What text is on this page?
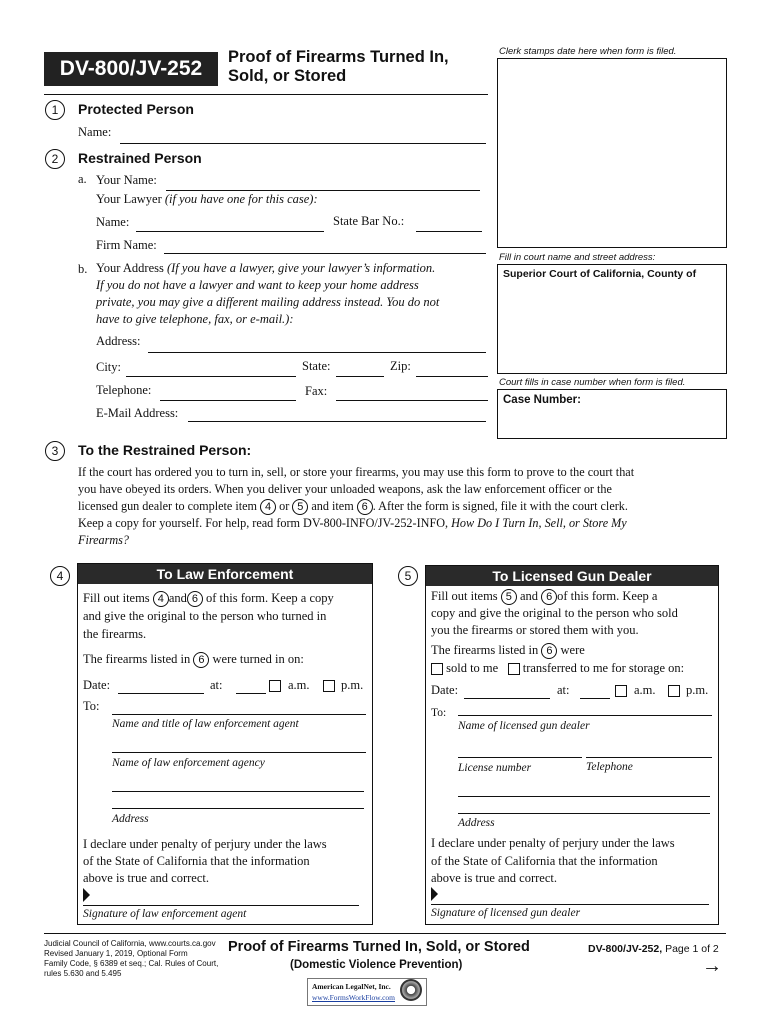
DV-800/JV-252	Proof of Firearms Turned In,
Sold, or Stored
Clerk stamps date here when form is filed.
Fill in court name and street address:
Superior Court of California, County of
Court fills in case number when form is filed.
Case Number:
1	Protected Person
Name:
2	Restrained Person
a. Your Name:
Your Lawyer (if you have one for this case):
Name:	State Bar No.:
Firm Name:
b. Your Address (If you have a lawyer, give your lawyer’s information.
If you do not have a lawyer and want to keep your home address
private, you may give a different mailing address instead. You do not
have to give telephone, fax, or e-mail.):
Address:
City:	State:	Zip:
Telephone:	Fax:
E-Mail Address:
3	To the Restrained Person:
If the court has ordered you to turn in, sell, or store your firearms, you may use this form to prove to the court that
you have obeyed its orders. When you deliver your unloaded weapons, ask the law enforcement officer or the
licensed gun dealer to complete item 4 or 5 and item 6 . After the form is signed, file it with the court clerk.
Keep a copy for yourself. For help, read form DV-800-INFO/JV-252-INFO, How Do I Turn In, Sell, or Store My
Firearms?
4	To Law Enforcement
Fill out items 4 and 6 of this form. Keep a copy
and give the original to the person who turned in
the firearms.
The firearms listed in 6 were turned in on:
Date:	at:	a.m.	p.m.
To:
Name and title of law enforcement agent
Name of law enforcement agency
Address
I declare under penalty of perjury under the laws
of the State of California that the information
above is true and correct.
Signature of law enforcement agent
5	To Licensed Gun Dealer
Fill out items 5 and 6 of this form. Keep a
copy and give the original to the person who sold
you the firearms or stored them with you.
The firearms listed in 6 were
sold to me transferred to me for storage on:
Date:	at:	a.m. p.m.
To:
Name of licensed gun dealer
License number	Telephone
Address
I declare under penalty of perjury under the laws
of the State of California that the information
above is true and correct.
Signature of licensed gun dealer
Judicial Council of California, www.courts.ca.gov
Revised January 1, 2019, Optional Form
Family Code, § 6389 et seq.; Cal. Rules of Court,
rules 5.630 and 5.495
Proof of Firearms Turned In, Sold, or Stored
(Domestic Violence Prevention)
DV-800/JV-252, Page 1 of 2
→
American LegalNet, Inc.
www.FormsWorkFlow.com
